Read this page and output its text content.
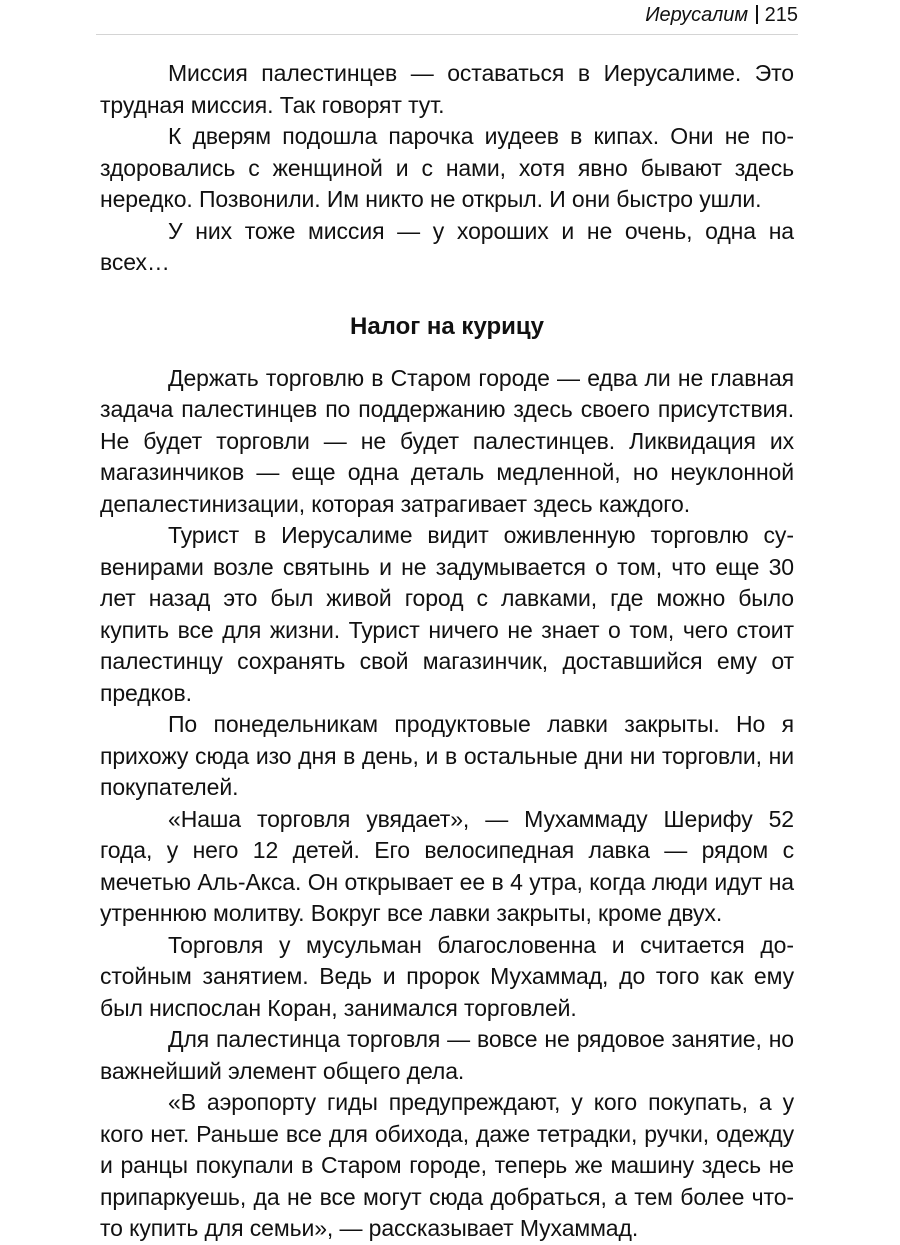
Иерусалим 215

Миссия палестинцев — оставаться в Иерусалиме. Это трудная миссия. Так говорят тут.

К дверям подошла парочка иудеев в кипах. Они не поздоровались с женщиной и с нами, хотя явно бывают здесь нередко. Позвонили. Им никто не открыл. И они быстро ушли.

У них тоже миссия — у хороших и не очень, одна на всех…

Налог на курицу

Держать торговлю в Старом городе — едва ли не главная задача палестинцев по поддержанию здесь своего присутствия. Не будет торговли — не будет палестинцев. Ликвидация их магазинчиков — еще одна деталь медленной, но неуклонной депалестинизации, которая затрагивает здесь каждого.

Турист в Иерусалиме видит оживленную торговлю сувенирами возле святынь и не задумывается о том, что еще 30 лет назад это был живой город с лавками, где можно было купить все для жизни. Турист ничего не знает о том, чего стоит палестинцу сохранять свой магазинчик, доставшийся ему от предков.

По понедельникам продуктовые лавки закрыты. Но я прихожу сюда изо дня в день, и в остальные дни ни торговли, ни покупателей.

«Наша торговля увядает», — Мухаммаду Шерифу 52 года, у него 12 детей. Его велосипедная лавка — рядом с мечетью Аль-Акса. Он открывает ее в 4 утра, когда люди идут на утреннюю молитву. Вокруг все лавки закрыты, кроме двух.

Торговля у мусульман благословенна и считается достойным занятием. Ведь и пророк Мухаммад, до того как ему был ниспослан Коран, занимался торговлей.

Для палестинца торговля — вовсе не рядовое занятие, но важнейший элемент общего дела.

«В аэропорту гиды предупреждают, у кого покупать, а у кого нет. Раньше все для обихода, даже тетрадки, ручки, одежду и ранцы покупали в Старом городе, теперь же машину здесь не припаркуешь, да не все могут сюда добраться, а тем более что-то купить для семьи», — рассказывает Мухаммад.
